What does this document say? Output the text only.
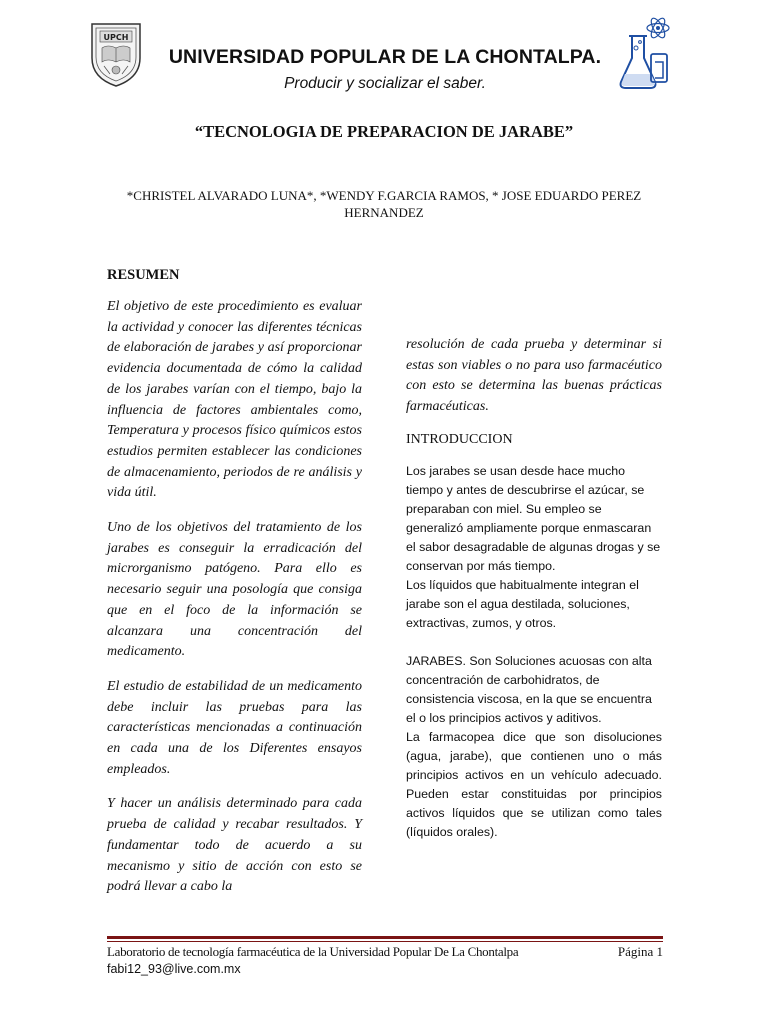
UPCH
UNIVERSIDAD POPULAR DE LA CHONTALPA.
Producir y socializar el saber.
“TECNOLOGIA DE PREPARACION DE JARABE”
*CHRISTEL ALVARADO LUNA*, *WENDY F.GARCIA RAMOS, * JOSE EDUARDO PEREZ HERNANDEZ
RESUMEN

El objetivo de este procedimiento es evaluar la actividad y conocer las diferentes técnicas de elaboración de jarabes y así proporcionar evidencia documentada de cómo la calidad de los jarabes varían con el tiempo, bajo la influencia de factores ambientales como, Temperatura y procesos físico químicos estos estudios permiten establecer las condiciones de almacenamiento, periodos de re análisis y vida útil.

Uno de los objetivos del tratamiento de los jarabes es conseguir la erradicación del microrganismo patógeno. Para ello es necesario seguir una posología que consiga que en el foco de la información se alcanzara una concentración del medicamento.

El estudio de estabilidad de un medicamento debe incluir las pruebas para las características mencionadas a continuación en cada una de los Diferentes ensayos empleados.

Y hacer un análisis determinado para cada prueba de calidad y recabar resultados. Y fundamentar todo de acuerdo a su mecanismo y sitio de acción con esto se podrá llevar a cabo la

resolución de cada prueba y determinar si estas son viables o no para uso farmacéutico con esto se determina las buenas prácticas farmacéuticas.

INTRODUCCION

Los jarabes se usan desde hace mucho tiempo y antes de descubrirse el azúcar, se preparaban con miel. Su empleo se generalizó ampliamente porque enmascaran el sabor desagradable de algunas drogas y se conservan por más tiempo.

Los líquidos que habitualmente integran el jarabe son el agua destilada, soluciones, extractivas, zumos, y otros.

JARABES. Son Soluciones acuosas con alta concentración de carbohidratos, de consistencia viscosa, en la que se encuentra el o los principios activos y aditivos.

La farmacopea dice que son disoluciones (agua, jarabe), que contienen uno o más principios activos en un vehículo adecuado. Pueden estar constituidas por principios activos líquidos que se utilizan como tales (líquidos orales).

Laboratorio de tecnología farmacéutica de la Universidad Popular De La Chontalpa	Página 1
fabi12_93@live.com.mx
